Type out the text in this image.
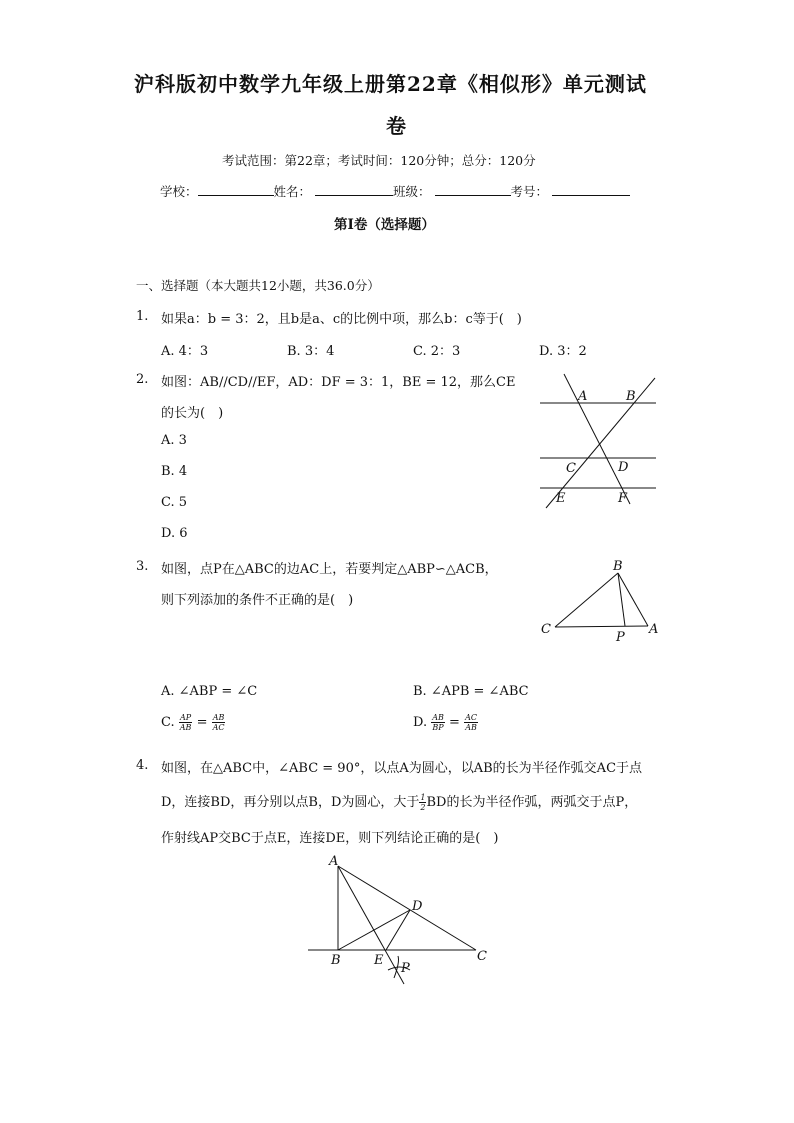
沪科版初中数学九年级上册第22章《相似形》单元测试
卷
考试范围：第22章；考试时间：120分钟；总分：120分
学校：	姓名：	班级：	考号：
第I卷（选择题）
一、选择题（本大题共12小题，共36.0分）
1. 如果a：b = 3：2，且b是a、c的比例中项，那么b：c等于(　)
A. 4：3	B. 3：4	C. 2：3	D. 3：2
2. 如图：AB//CD//EF，AD：DF = 3：1，BE = 12，那么CE
的长为(　)
A. 3
B. 4
C. 5
D. 6
A	B
C	D
E	F
3. 如图，点P在△ABC的边AC上，若要判定△ABP∽△ACB，
则下列添加的条件不正确的是(　)
B
C
P
A
A. ∠ABP = ∠C	B. ∠APB = ∠ABC
C. $\frac{AP}{AB} = \frac{AB}{AC}$	D. $\frac{AB}{BP} = \frac{AC}{AB}$
4. 如图，在△ABC中，∠ABC = 90°，以点A为圆心，以AB的长为半径作弧交AC于点
D，连接BD，再分别以点B，D为圆心，大于 $\frac{1}{2}$ BD的长为半径作弧，两弧交于点P，
作射线AP交BC于点E，连接DE，则下列结论正确的是(　)
A
D
B	E
P
C
